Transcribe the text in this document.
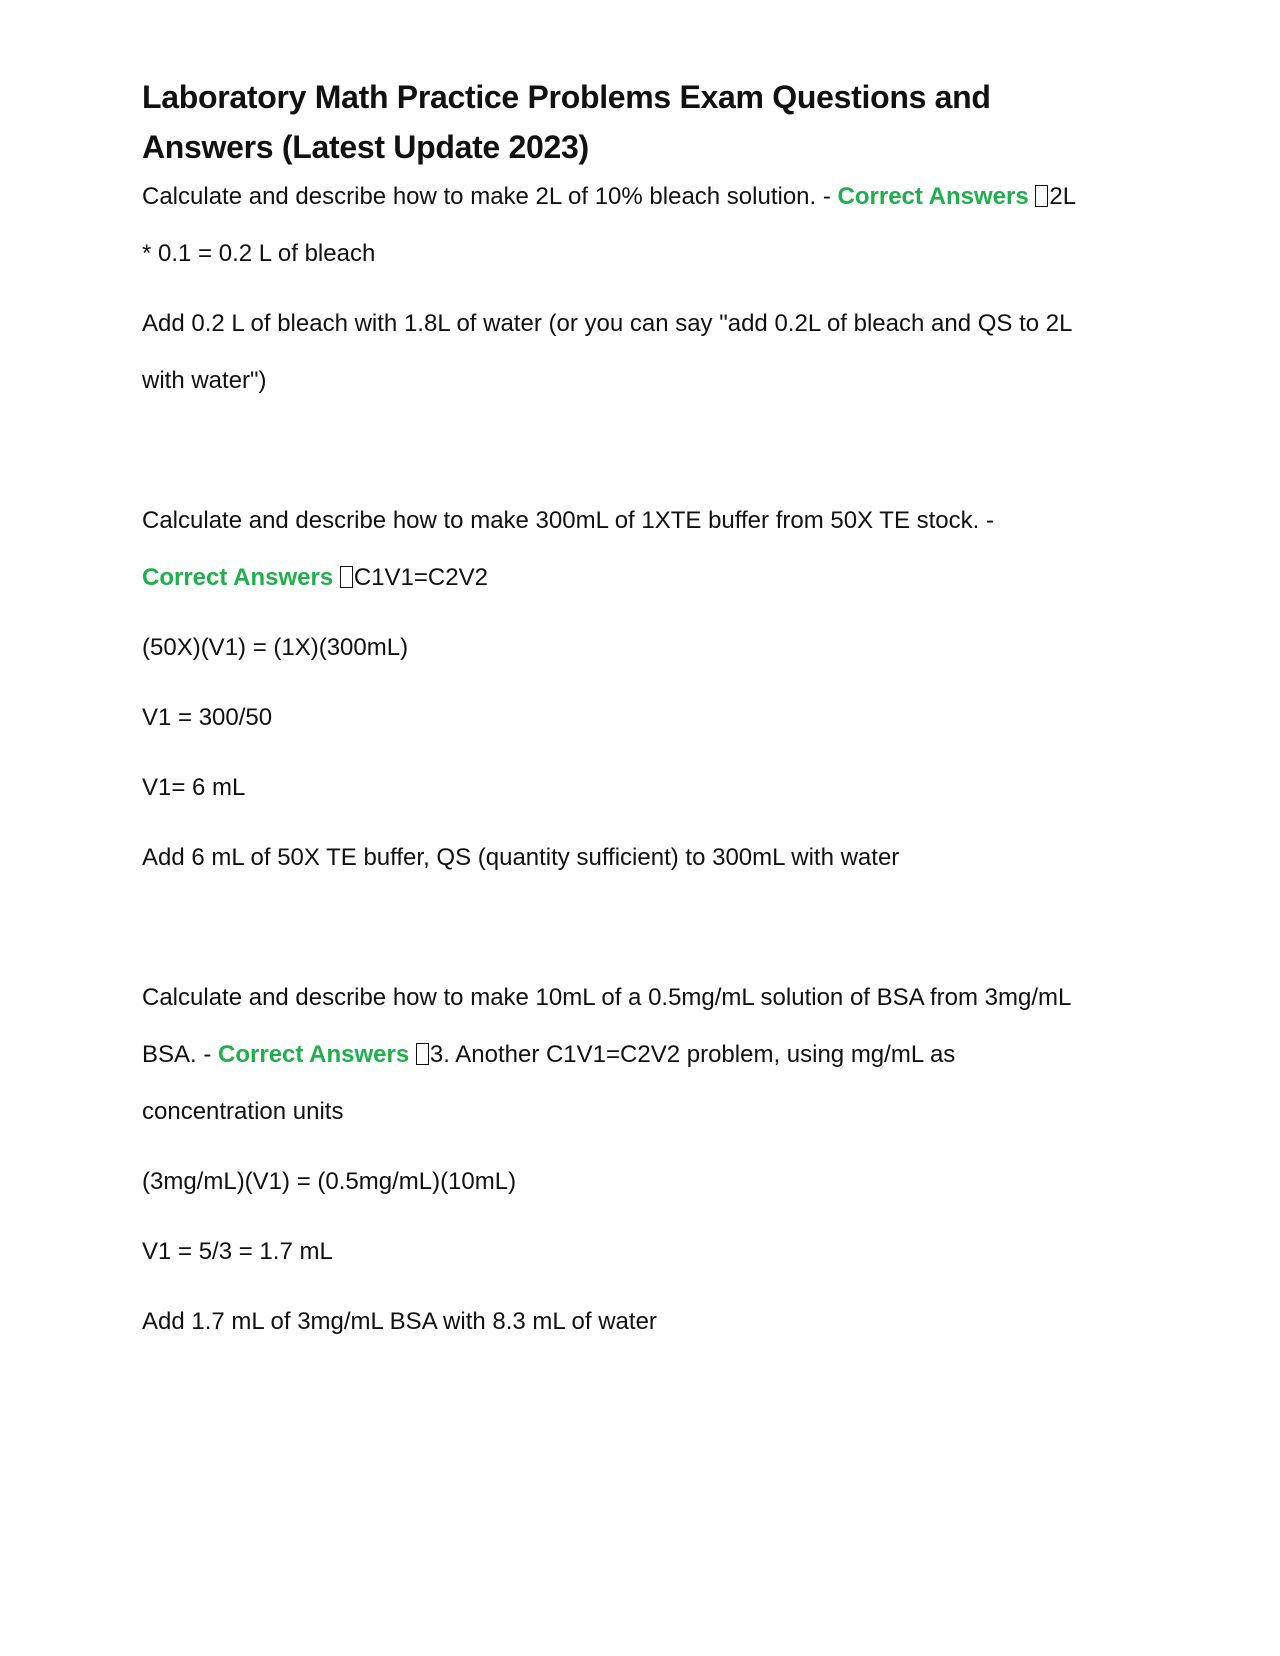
Laboratory Math Practice Problems Exam Questions and Answers (Latest Update 2023)

Calculate and describe how to make 2L of 10% bleach solution. - Correct Answers 2L * 0.1 = 0.2 L of bleach

Add 0.2 L of bleach with 1.8L of water (or you can say "add 0.2L of bleach and QS to 2L with water")

Calculate and describe how to make 300mL of 1XTE buffer from 50X TE stock. - Correct Answers C1V1=C2V2

(50X)(V1) = (1X)(300mL)

V1 = 300/50

V1= 6 mL

Add 6 mL of 50X TE buffer, QS (quantity sufficient) to 300mL with water

Calculate and describe how to make 10mL of a 0.5mg/mL solution of BSA from 3mg/mL BSA. - Correct Answers 3. Another C1V1=C2V2 problem, using mg/mL as concentration units

(3mg/mL)(V1) = (0.5mg/mL)(10mL)

V1 = 5/3 = 1.7 mL

Add 1.7 mL of 3mg/mL BSA with 8.3 mL of water
